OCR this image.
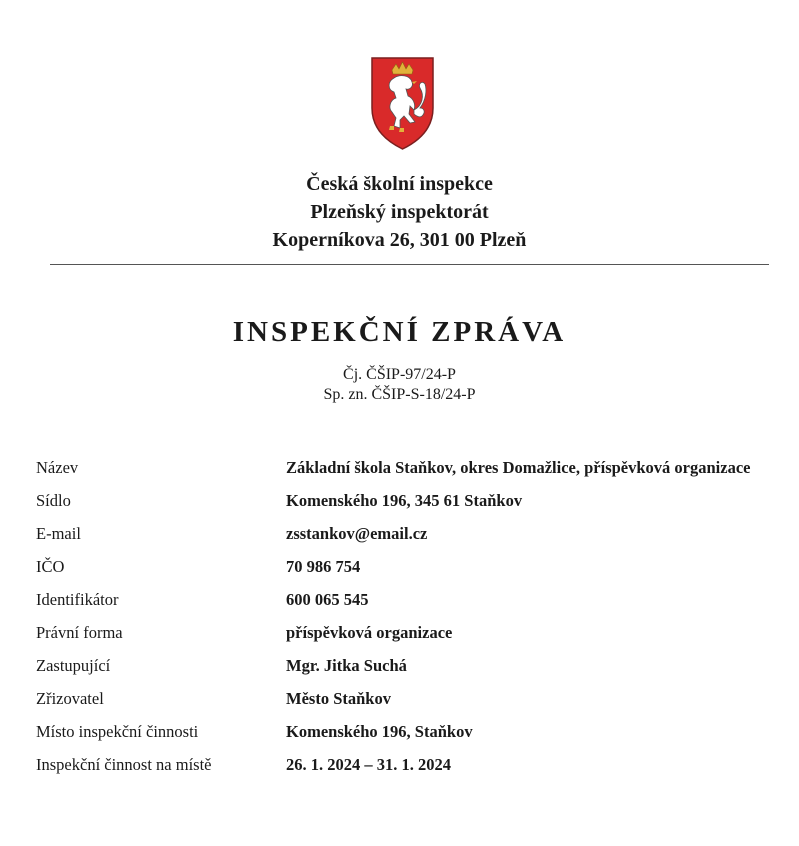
Česká školní inspekce
Plzeňský inspektorát
Koperníkova 26, 301 00 Plzeň
INSPEKČNÍ ZPRÁVA
Čj. ČŠIP-97/24-P
Sp. zn. ČŠIP-S-18/24-P
Název	Základní škola Staňkov, okres Domažlice, příspěvková organizace
Sídlo	Komenského 196, 345 61 Staňkov
E-mail	zsstankov@email.cz
IČO	70 986 754
Identifikátor	600 065 545
Právní forma	příspěvková organizace
Zastupující	Mgr. Jitka Suchá
Zřizovatel	Město Staňkov
Místo inspekční činnosti	Komenského 196, Staňkov
Inspekční činnost na místě	26. 1. 2024 – 31. 1. 2024
